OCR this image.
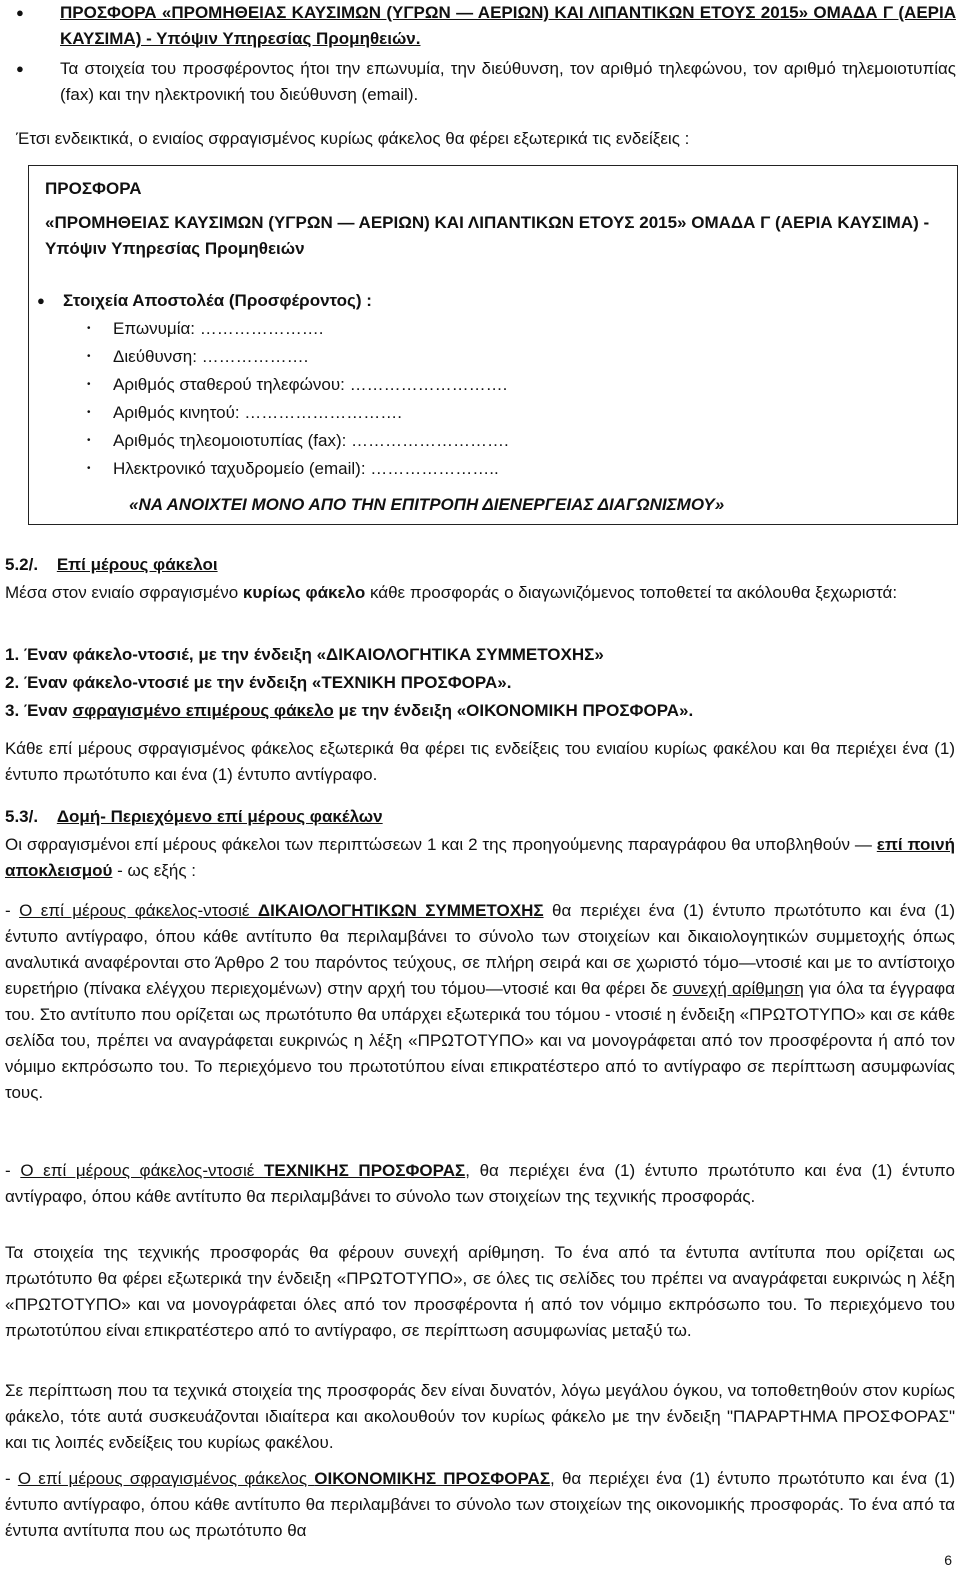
● ΠΡΟΣΦΟΡΑ «ΠΡΟΜΗΘΕΙΑΣ ΚΑΥΣΙΜΩΝ (ΥΓΡΩΝ — ΑΕΡΙΩΝ) ΚΑΙ ΛΙΠΑΝΤΙΚΩΝ ΕΤΟΥΣ 2015» ΟΜΑΔΑ Γ (ΑΕΡΙΑ ΚΑΥΣΙΜΑ) - Υπόψιν Υπηρεσίας Προμηθειών.
● Τα στοιχεία του προσφέροντος ήτοι την επωνυμία, την διεύθυνση, τον αριθμό τηλεφώνου, τον αριθμό τηλεμοιοτυπίας (fax) και την ηλεκτρονική του διεύθυνση (email).
Έτσι ενδεικτικά, ο ενιαίος σφραγισμένος κυρίως φάκελος θα φέρει εξωτερικά τις ενδείξεις :
ΠΡΟΣΦΟΡΑ
«ΠΡΟΜΗΘΕΙΑΣ ΚΑΥΣΙΜΩΝ (ΥΓΡΩΝ — ΑΕΡΙΩΝ) ΚΑΙ ΛΙΠΑΝΤΙΚΩΝ ΕΤΟΥΣ 2015» ΟΜΑΔΑ Γ (ΑΕΡΙΑ ΚΑΥΣΙΜΑ) - Υπόψιν Υπηρεσίας Προμηθειών
● Στοιχεία Αποστολέα (Προσφέροντος) :
• Επωνυμία: ………………….
• Διεύθυνση: ……………….
• Αριθμός σταθερού τηλεφώνου: ……………………….
• Αριθμός κινητού: ……………………….
• Αριθμός τηλεομοιοτυπίας (fax): ……………………….
• Ηλεκτρονικό ταχυδρομείο (email): …………………..
«ΝΑ ΑΝΟΙΧΤΕΙ ΜΟΝΟ ΑΠΟ ΤΗΝ ΕΠΙΤΡΟΠΗ ΔΙΕΝΕΡΓΕΙΑΣ ΔΙΑΓΩΝΙΣΜΟΥ»
5.2/. Επί μέρους φάκελοι
Μέσα στον ενιαίο σφραγισμένο κυρίως φάκελο κάθε προσφοράς ο διαγωνιζόμενος τοποθετεί τα ακόλουθα ξεχωριστά:
1. Έναν φάκελο-ντοσιέ, με την ένδειξη «ΔΙΚΑΙΟΛΟΓΗΤΙΚΑ ΣΥΜΜΕΤΟΧΗΣ»
2. Έναν φάκελο-ντοσιέ με την ένδειξη «ΤΕΧΝΙΚΗ ΠΡΟΣΦΟΡΑ».
3. Έναν σφραγισμένο επιμέρους φάκελο με την ένδειξη «ΟΙΚΟΝΟΜΙΚΗ ΠΡΟΣΦΟΡΑ».
Κάθε επί μέρους σφραγισμένος φάκελος εξωτερικά θα φέρει τις ενδείξεις του ενιαίου κυρίως φακέλου και θα περιέχει ένα (1) έντυπο πρωτότυπο και ένα (1) έντυπο αντίγραφο.
5.3/. Δομή- Περιεχόμενο επί μέρους φακέλων
Οι σφραγισμένοι επί μέρους φάκελοι των περιπτώσεων 1 και 2 της προηγούμενης παραγράφου θα υποβληθούν — επί ποινή αποκλεισμού - ως εξής :
- Ο επί μέρους φάκελος-ντοσιέ ΔΙΚΑΙΟΛΟΓΗΤΙΚΩΝ ΣΥΜΜΕΤΟΧΗΣ θα περιέχει ένα (1) έντυπο πρωτότυπο και ένα (1) έντυπο αντίγραφο, όπου κάθε αντίτυπο θα περιλαμβάνει το σύνολο των στοιχείων και δικαιολογητικών συμμετοχής όπως αναλυτικά αναφέρονται στο Άρθρο 2 του παρόντος τεύχους, σε πλήρη σειρά και σε χωριστό τόμο—ντοσιέ και με το αντίστοιχο ευρετήριο (πίνακα ελέγχου περιεχομένων) στην αρχή του τόμου—ντοσιέ και θα φέρει δε συνεχή αρίθμηση για όλα τα έγγραφα του. Στο αντίτυπο που ορίζεται ως πρωτότυπο θα υπάρχει εξωτερικά του τόμου - ντοσιέ η ένδειξη «ΠΡΩΤΟΤΥΠΟ» και σε κάθε σελίδα του, πρέπει να αναγράφεται ευκρινώς η λέξη «ΠΡΩΤΟΤΥΠΟ» και να μονογράφεται από τον προσφέροντα ή από τον νόμιμο εκπρόσωπο του. Το περιεχόμενο του πρωτοτύπου είναι επικρατέστερο από το αντίγραφο σε περίπτωση ασυμφωνίας τους.
- Ο επί μέρους φάκελος-ντοσιέ ΤΕΧΝΙΚΗΣ ΠΡΟΣΦΟΡΑΣ, θα περιέχει ένα (1) έντυπο πρωτότυπο και ένα (1) έντυπο αντίγραφο, όπου κάθε αντίτυπο θα περιλαμβάνει το σύνολο των στοιχείων της τεχνικής προσφοράς.
Τα στοιχεία της τεχνικής προσφοράς θα φέρουν συνεχή αρίθμηση. Το ένα από τα έντυπα αντίτυπα που ορίζεται ως πρωτότυπο θα φέρει εξωτερικά την ένδειξη «ΠΡΩΤΟΤΥΠΟ», σε όλες τις σελίδες του πρέπει να αναγράφεται ευκρινώς η λέξη «ΠΡΩΤΟΤΥΠΟ» και να μονογράφεται όλες από τον προσφέροντα ή από τον νόμιμο εκπρόσωπο του. Το περιεχόμενο του πρωτοτύπου είναι επικρατέστερο από το αντίγραφο, σε περίπτωση ασυμφωνίας μεταξύ τω.
Σε περίπτωση που τα τεχνικά στοιχεία της προσφοράς δεν είναι δυνατόν, λόγω μεγάλου όγκου, να τοποθετηθούν στον κυρίως φάκελο, τότε αυτά συσκευάζονται ιδιαίτερα και ακολουθούν τον κυρίως φάκελο με την ένδειξη "ΠΑΡΑΡΤΗΜΑ ΠΡΟΣΦΟΡΑΣ" και τις λοιπές ενδείξεις του κυρίως φακέλου.
- Ο επί μέρους σφραγισμένος φάκελος ΟΙΚΟΝΟΜΙΚΗΣ ΠΡΟΣΦΟΡΑΣ, θα περιέχει ένα (1) έντυπο πρωτότυπο και ένα (1) έντυπο αντίγραφο, όπου κάθε αντίτυπο θα περιλαμβάνει το σύνολο των στοιχείων της οικονομικής προσφοράς. Το ένα από τα έντυπα αντίτυπα που ως πρωτότυπο θα
6
